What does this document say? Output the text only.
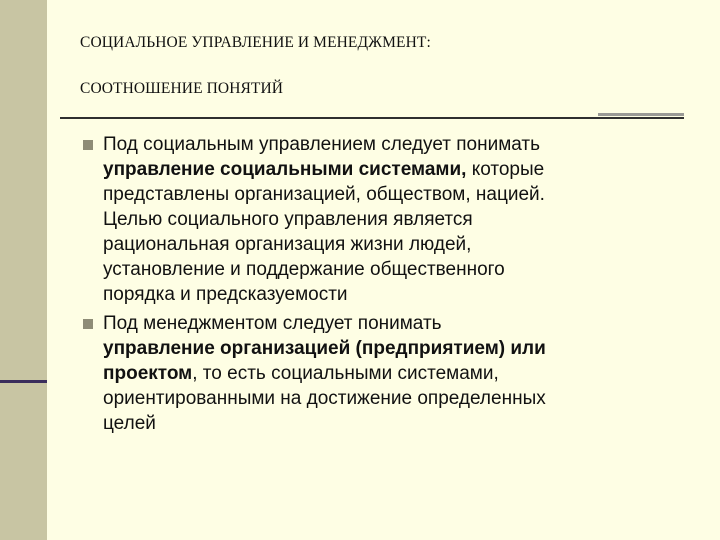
СОЦИАЛЬНОЕ УПРАВЛЕНИЕ И МЕНЕДЖМЕНТ:
СООТНОШЕНИЕ ПОНЯТИЙ
Под социальным управлением следует понимать
управление социальными системами, которые
представлены организацией, обществом, нацией.
Целью социального управления является
рациональная организация жизни людей,
установление и поддержание общественного
порядка и предсказуемости
Под менеджментом следует понимать
управление организацией (предприятием) или
проектом, то есть социальными системами,
ориентированными на достижение определенных
целей
